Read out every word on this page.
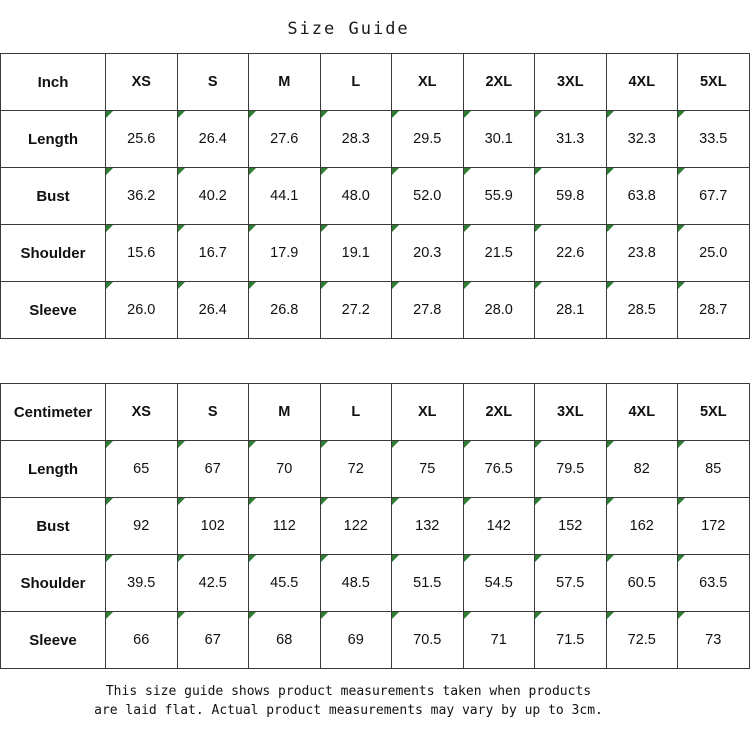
Size Guide
Inch	XS	S	M	L	XL	2XL	3XL	4XL	5XL
Length	25.6	26.4	27.6	28.3	29.5	30.1	31.3	32.3	33.5
Bust	36.2	40.2	44.1	48.0	52.0	55.9	59.8	63.8	67.7
Shoulder	15.6	16.7	17.9	19.1	20.3	21.5	22.6	23.8	25.0
Sleeve	26.0	26.4	26.8	27.2	27.8	28.0	28.1	28.5	28.7
Centimeter	XS	S	M	L	XL	2XL	3XL	4XL	5XL
Length	65	67	70	72	75	76.5	79.5	82	85
Bust	92	102	112	122	132	142	152	162	172
Shoulder	39.5	42.5	45.5	48.5	51.5	54.5	57.5	60.5	63.5
Sleeve	66	67	68	69	70.5	71	71.5	72.5	73
This size guide shows product measurements taken when products
are laid flat. Actual product measurements may vary by up to 3cm.
